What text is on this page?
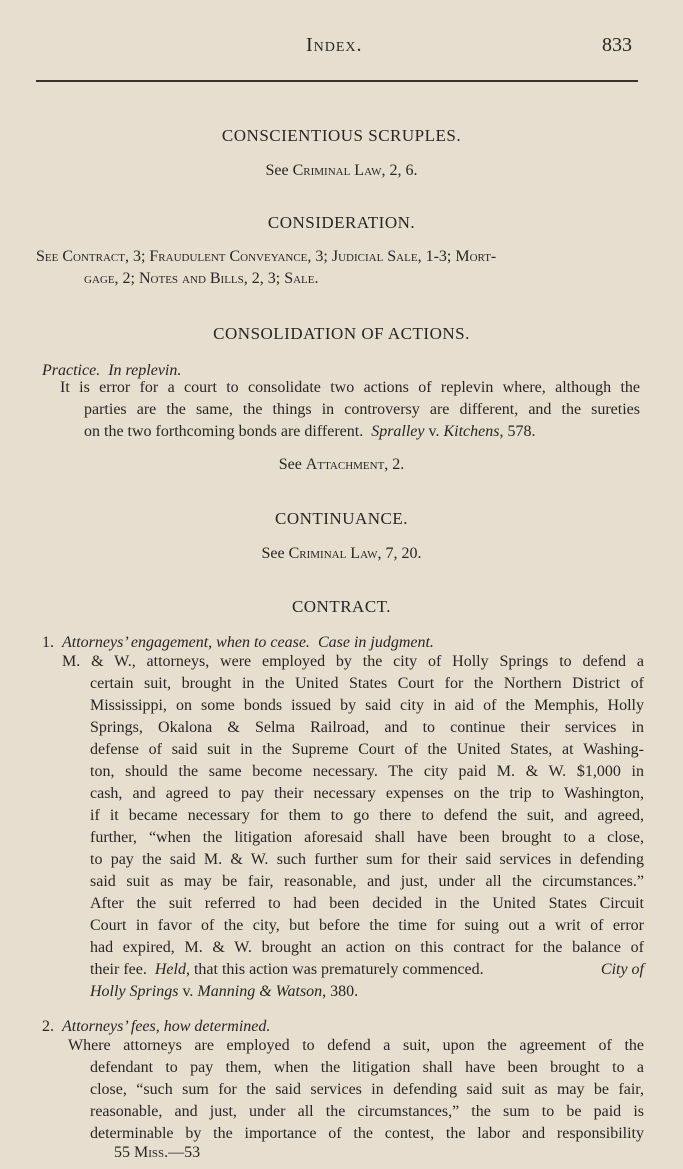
Index.	833
CONSCIENTIOUS SCRUPLES.
See Criminal Law, 2, 6.
CONSIDERATION.
See Contract, 3; Fraudulent Conveyance, 3; Judicial Sale, 1-3; Mort-
gage, 2; Notes and Bills, 2, 3; Sale.
CONSOLIDATION OF ACTIONS.
Practice. In replevin.
It is error for a court to consolidate two actions of replevin where, although the
parties are the same, the things in controversy are different, and the sureties
on the two forthcoming bonds are different. Spralley v. Kitchens, 578.
See Attachment, 2.
CONTINUANCE.
See Criminal Law, 7, 20.
CONTRACT.
1. Attorneys’ engagement, when to cease. Case in judgment.
M. & W., attorneys, were employed by the city of Holly Springs to defend a
certain suit, brought in the United States Court for the Northern District of
Mississippi, on some bonds issued by said city in aid of the Memphis, Holly
Springs, Okalona & Selma Railroad, and to continue their services in
defense of said suit in the Supreme Court of the United States, at Washing-
ton, should the same become necessary. The city paid M. & W. $1,000 in
cash, and agreed to pay their necessary expenses on the trip to Washington,
if it became necessary for them to go there to defend the suit, and agreed,
further, “when the litigation aforesaid shall have been brought to a close,
to pay the said M. & W. such further sum for their said services in defending
said suit as may be fair, reasonable, and just, under all the circumstances.”
After the suit referred to had been decided in the United States Circuit
Court in favor of the city, but before the time for suing out a writ of error
had expired, M. & W. brought an action on this contract for the balance of
their fee. Held, that this action was prematurely commenced.	City of
Holly Springs v. Manning & Watson, 380.
2. Attorneys’ fees, how determined.
Where attorneys are employed to defend a suit, upon the agreement of the
defendant to pay them, when the litigation shall have been brought to a
close, “such sum for the said services in defending said suit as may be fair,
reasonable, and just, under all the circumstances,” the sum to be paid is
determinable by the importance of the contest, the labor and responsibility
55 Miss.—53
